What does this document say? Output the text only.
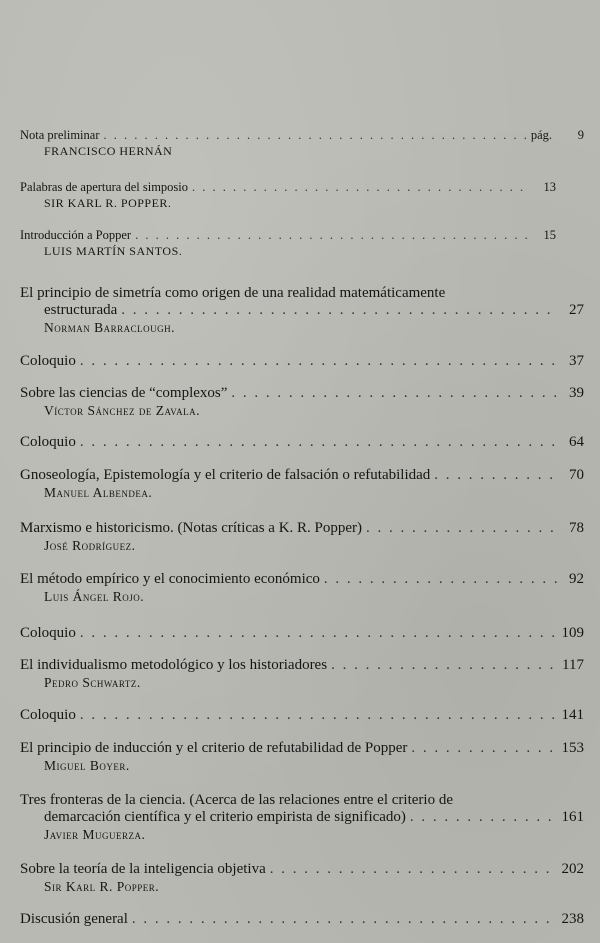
Nota preliminar . . .	pág.	9
FRANCISCO HERNÁN
Palabras de apertura del simposio . . .	13
SIR KARL R. POPPER.
Introducción a Popper . . .	15
LUIS MARTÍN SANTOS.
El principio de simetría como origen de una realidad matemáticamente
estructurada . . .	27
Norman Barraclough.
Coloquio . . .	37
Sobre las ciencias de “complexos” . . .	39
Víctor Sánchez de Zavala.
Coloquio . . .	64
Gnoseología, Epistemología y el criterio de falsación o refutabilidad . . .	70
Manuel Albendea.
Marxismo e historicismo. (Notas críticas a K. R. Popper) . . .	78
José Rodríguez.
El método empírico y el conocimiento económico . . .	92
Luis Ángel Rojo.
Coloquio . . .	109
El individualismo metodológico y los historiadores . . .	117
Pedro Schwartz.
Coloquio . . .	141
El principio de inducción y el criterio de refutabilidad de Popper . . .	153
Miguel Boyer.
Tres fronteras de la ciencia. (Acerca de las relaciones entre el criterio de
demarcación científica y el criterio empirista de significado) . . .	161
Javier Muguerza.
Sobre la teoría de la inteligencia objetiva . . .	202
Sir Karl R. Popper.
Discusión general . . .	238
